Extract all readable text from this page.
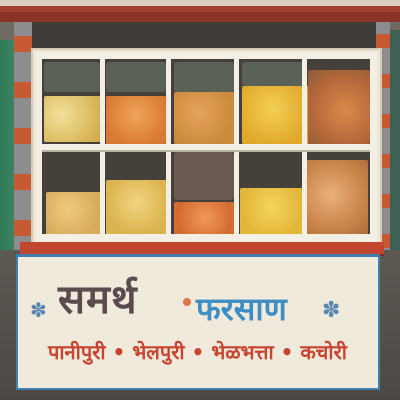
✽ समर्थ फरसाण ✽
पानीपुरी • भेलपुरी • भेळभत्ता • कचोरी
